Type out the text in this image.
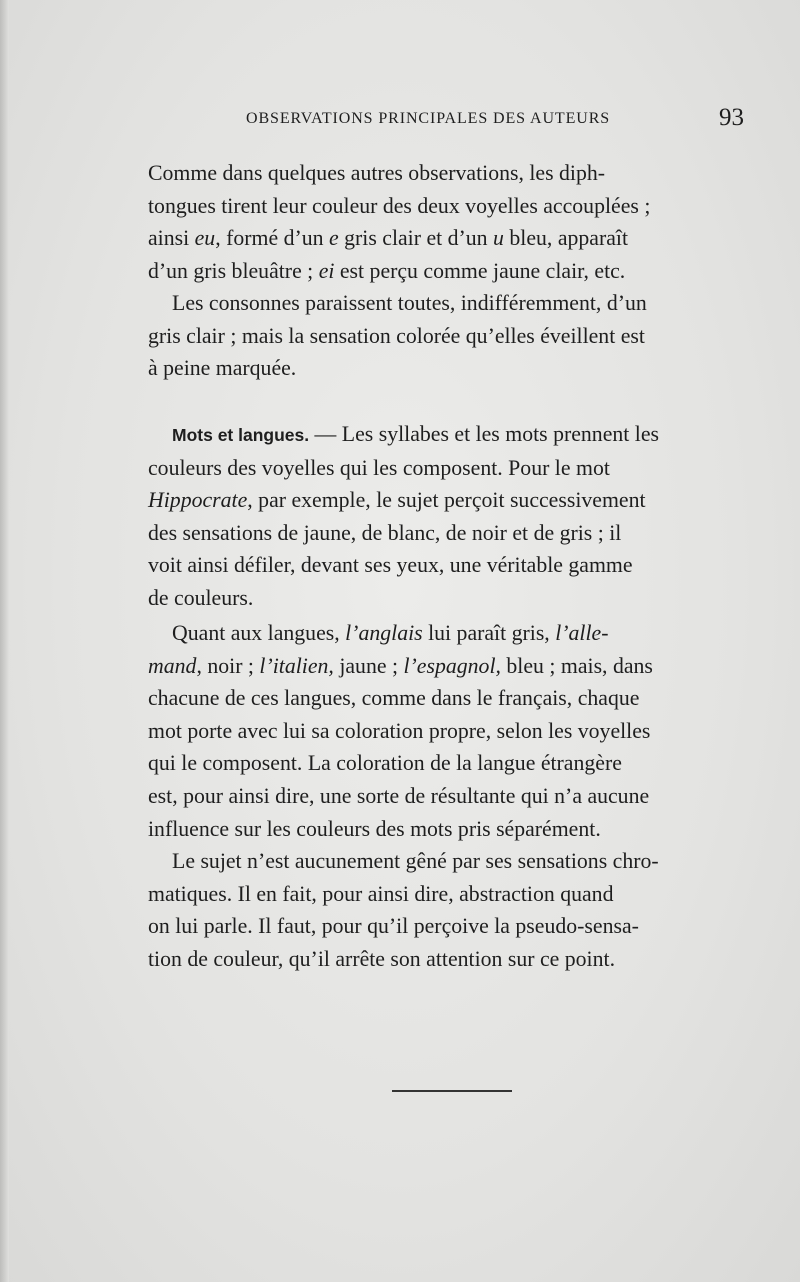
OBSERVATIONS PRINCIPALES DES AUTEURS	93

Comme dans quelques autres observations, les diph-
tongues tirent leur couleur des deux voyelles accouplées ;
ainsi eu, formé d’un e gris clair et d’un u bleu, apparaît
d’un gris bleuâtre ; ei est perçu comme jaune clair, etc.

Les consonnes paraissent toutes, indifféremment, d’un
gris clair ; mais la sensation colorée qu’elles éveillent est
à peine marquée.

Mots et langues. — Les syllabes et les mots prennent les
couleurs des voyelles qui les composent. Pour le mot
Hippocrate, par exemple, le sujet perçoit successivement
des sensations de jaune, de blanc, de noir et de gris ; il
voit ainsi défiler, devant ses yeux, une véritable gamme
de couleurs.

Quant aux langues, l’anglais lui paraît gris, l’alle-
mand, noir ; l’italien, jaune ; l’espagnol, bleu ; mais, dans
chacune de ces langues, comme dans le français, chaque
mot porte avec lui sa coloration propre, selon les voyelles
qui le composent. La coloration de la langue étrangère
est, pour ainsi dire, une sorte de résultante qui n’a aucune
influence sur les couleurs des mots pris séparément.

Le sujet n’est aucunement gêné par ses sensations chro-
matiques. Il en fait, pour ainsi dire, abstraction quand
on lui parle. Il faut, pour qu’il perçoive la pseudo-sensa-
tion de couleur, qu’il arrête son attention sur ce point.
